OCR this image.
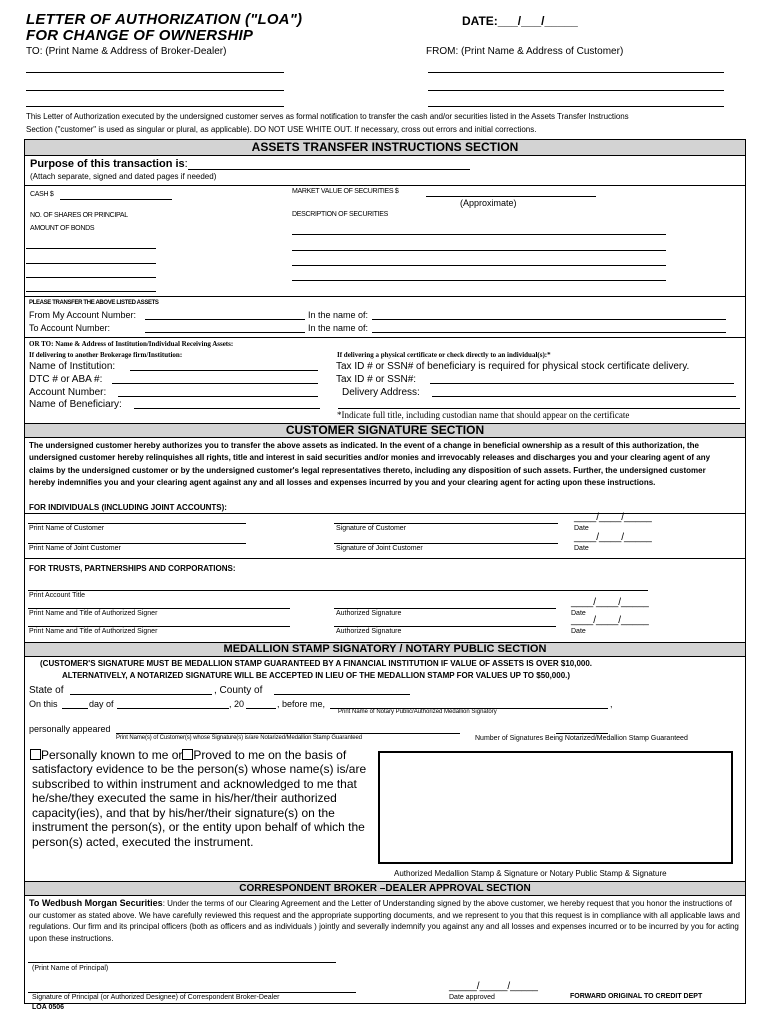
LETTER OF AUTHORIZATION ("LOA")
FOR CHANGE OF OWNERSHIP
DATE:___/___/_____
TO: (Print Name & Address of Broker-Dealer)	FROM: (Print Name & Address of Customer)
This Letter of Authorization executed by the undersigned customer serves as formal notification to transfer the cash and/or securities listed in the Assets Transfer Instructions
Section ("customer" is used as singular or plural, as applicable). DO NOT USE WHITE OUT. If necessary, cross out errors and initial corrections.
ASSETS TRANSFER INSTRUCTIONS SECTION
Purpose of this transaction is:
(Attach separate, signed and dated pages if needed)
CASH $	MARKET VALUE OF SECURITIES $
(Approximate)
NO. OF SHARES OR PRINCIPAL
AMOUNT OF BONDS
DESCRIPTION OF SECURITIES
PLEASE TRANSFER THE ABOVE LISTED ASSETS
From My Account Number:	In the name of:
To Account Number:	In the name of:
OR TO: Name & Address of Institution/Individual Receiving Assets:
If delivering to another Brokerage firm/Institution:	If delivering a physical certificate or check directly to an individual(s):*
Name of Institution:	Tax ID # or SSN# of beneficiary is required for physical stock certificate delivery.
DTC # or ABA #:	Tax ID # or SSN#:
Account Number:	Delivery Address:
Name of Beneficiary:
*Indicate full title, including custodian name that should appear on the certificate
CUSTOMER SIGNATURE SECTION
The undersigned customer hereby authorizes you to transfer the above assets as indicated. In the event of a change in beneficial ownership as a result of this authorization, the undersigned customer hereby relinquishes all rights, title and interest in said securities and/or monies and irrevocably releases and discharges you and your clearing agent of any claims by the undersigned customer or by the undersigned customer's legal representatives thereto, including any disposition of such assets. Further, the undersigned customer hereby indemnifies you and your clearing agent against any and all losses and expenses incurred by you and your clearing agent for acting upon these instructions.
FOR INDIVIDUALS (INCLUDING JOINT ACCOUNTS):
Print Name of Customer	Signature of Customer
____/____/_____
Date
Print Name of Joint Customer	Signature of Joint Customer
____/____/_____
Date
FOR TRUSTS, PARTNERSHIPS AND CORPORATIONS:
Print Account Title
Print Name and Title of Authorized Signer	Authorized Signature
____/____/_____
Date
Print Name and Title of Authorized Signer	Authorized Signature
____/____/_____
Date
MEDALLION STAMP SIGNATORY / NOTARY PUBLIC SECTION
(CUSTOMER'S SIGNATURE MUST BE MEDALLION STAMP GUARANTEED BY A FINANCIAL INSTITUTION IF VALUE OF ASSETS IS OVER $10,000.
ALTERNATIVELY, A NOTARIZED SIGNATURE WILL BE ACCEPTED IN LIEU OF THE MEDALLION STAMP FOR VALUES UP TO $50,000.)
State of	, County of
On this	day of	, 20	, before me,	,
Print Name of Notary Public/Authorized Medallion Signatory
personally appeared
Print Name(s) of Customer(s) whose Signature(s) is/are Notarized/Medallion Stamp Guaranteed	Number of Signatures Being Notarized/Medallion Stamp Guaranteed
Personally known to me or Proved to me on the basis of
satisfactory evidence to be the person(s) whose name(s) is/are subscribed to within instrument and acknowledged to me that he/she/they executed the same in his/her/their authorized capacity(ies), and that by his/her/their signature(s) on the instrument the person(s), or the entity upon behalf of which the person(s) acted, executed the instrument.
Authorized Medallion Stamp & Signature or Notary Public Stamp & Signature
CORRESPONDENT BROKER –DEALER APPROVAL SECTION
To Wedbush Morgan Securities: Under the terms of our Clearing Agreement and the Letter of Understanding signed by the above customer, we hereby request that you honor the instructions of our customer as stated above. We have carefully reviewed this request and the appropriate supporting documents, and we represent to you that this request is in compliance with all applicable laws and regulations. Our firm and its principal officers (both as officers and as individuals ) jointly and severally indemnify you against any and all losses and expenses incurred or to be incurred by you for acting upon these instructions.
(Print Name of Principal)
Signature of Principal (or Authorized Designee) of Correspondent Broker-Dealer
_____/_____/_____
Date approved	FORWARD ORIGINAL TO CREDIT DEPT
LOA 0506
